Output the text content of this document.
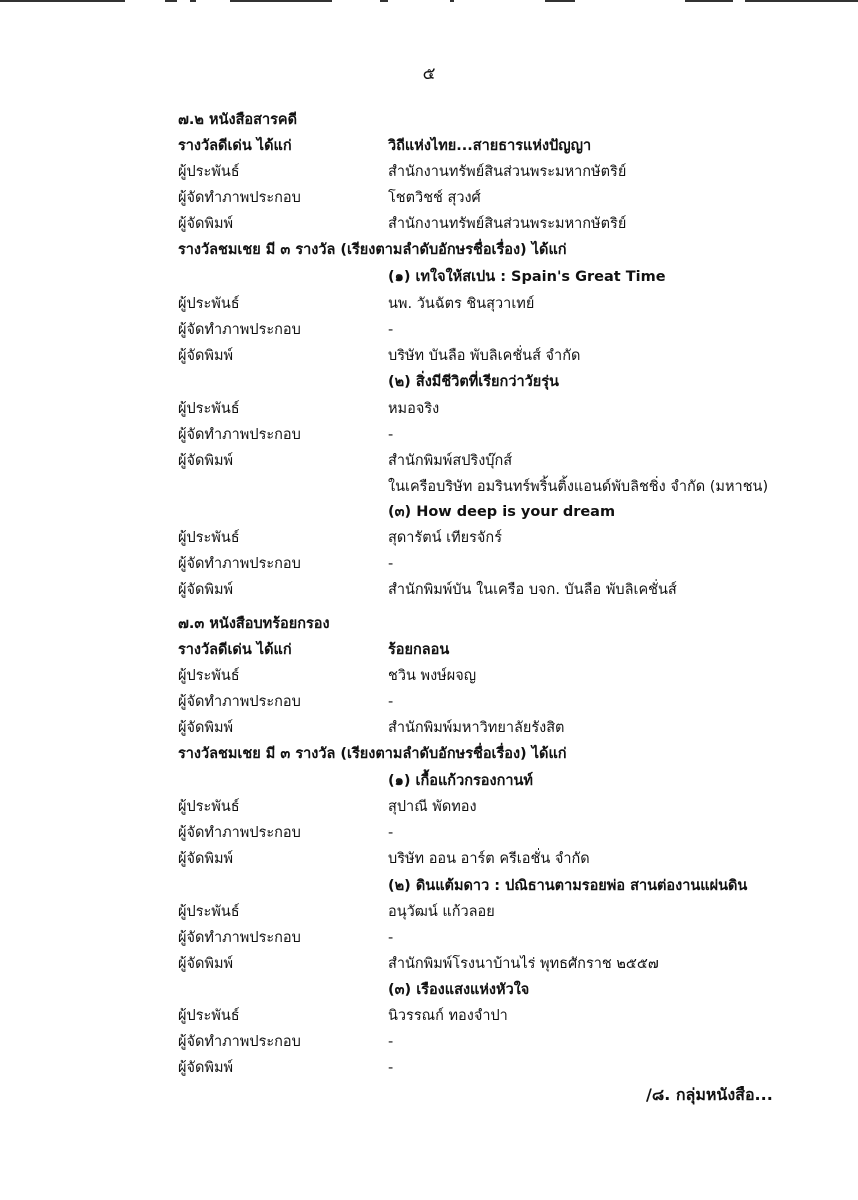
๕
๗.๒ หนังสือสารคดี
รางวัลดีเด่น ได้แก่	วิถีแห่งไทย...สายธารแห่งปัญญา
ผู้ประพันธ์	สำนักงานทรัพย์สินส่วนพระมหากษัตริย์
ผู้จัดทำภาพประกอบ	โชตวิชช์ สุวงศ์
ผู้จัดพิมพ์	สำนักงานทรัพย์สินส่วนพระมหากษัตริย์
รางวัลชมเชย มี ๓ รางวัล (เรียงตามลำดับอักษรชื่อเรื่อง) ได้แก่
(๑) เทใจให้สเปน : Spain's Great Time
ผู้ประพันธ์	นพ. วันฉัตร ชินสุวาเทย์
ผู้จัดทำภาพประกอบ	-
ผู้จัดพิมพ์	บริษัท บันลือ พับลิเคชั่นส์ จำกัด
(๒) สิ่งมีชีวิตที่เรียกว่าวัยรุ่น
ผู้ประพันธ์	หมอจริง
ผู้จัดทำภาพประกอบ	-
ผู้จัดพิมพ์	สำนักพิมพ์สปริงบุ๊กส์
ในเครือบริษัท อมรินทร์พริ้นติ้งแอนด์พับลิชชิ่ง จำกัด (มหาชน)
(๓) How deep is your dream
ผู้ประพันธ์	สุดารัตน์ เทียรจักร์
ผู้จัดทำภาพประกอบ	-
ผู้จัดพิมพ์	สำนักพิมพ์บัน ในเครือ บจก. บันลือ พับลิเคชั่นส์
๗.๓ หนังสือบทร้อยกรอง
รางวัลดีเด่น ได้แก่	ร้อยกลอน
ผู้ประพันธ์	ชวิน พงษ์ผจญ
ผู้จัดทำภาพประกอบ	-
ผู้จัดพิมพ์	สำนักพิมพ์มหาวิทยาลัยรังสิต
รางวัลชมเชย มี ๓ รางวัล (เรียงตามลำดับอักษรชื่อเรื่อง) ได้แก่
(๑) เกื้อแก้วกรองกานท์
ผู้ประพันธ์	สุปาณี พัดทอง
ผู้จัดทำภาพประกอบ	-
ผู้จัดพิมพ์	บริษัท ออน อาร์ต ครีเอชั่น จำกัด
(๒) ดินแต้มดาว : ปณิธานตามรอยพ่อ สานต่องานแผ่นดิน
ผู้ประพันธ์	อนุวัฒน์ แก้วลอย
ผู้จัดทำภาพประกอบ	-
ผู้จัดพิมพ์	สำนักพิมพ์โรงนาบ้านไร่ พุทธศักราช ๒๕๕๗
(๓) เรืองแสงแห่งหัวใจ
ผู้ประพันธ์	นิวรรณก์ ทองจำปา
ผู้จัดทำภาพประกอบ	-
ผู้จัดพิมพ์	-
/๘. กลุ่มหนังสือ...
